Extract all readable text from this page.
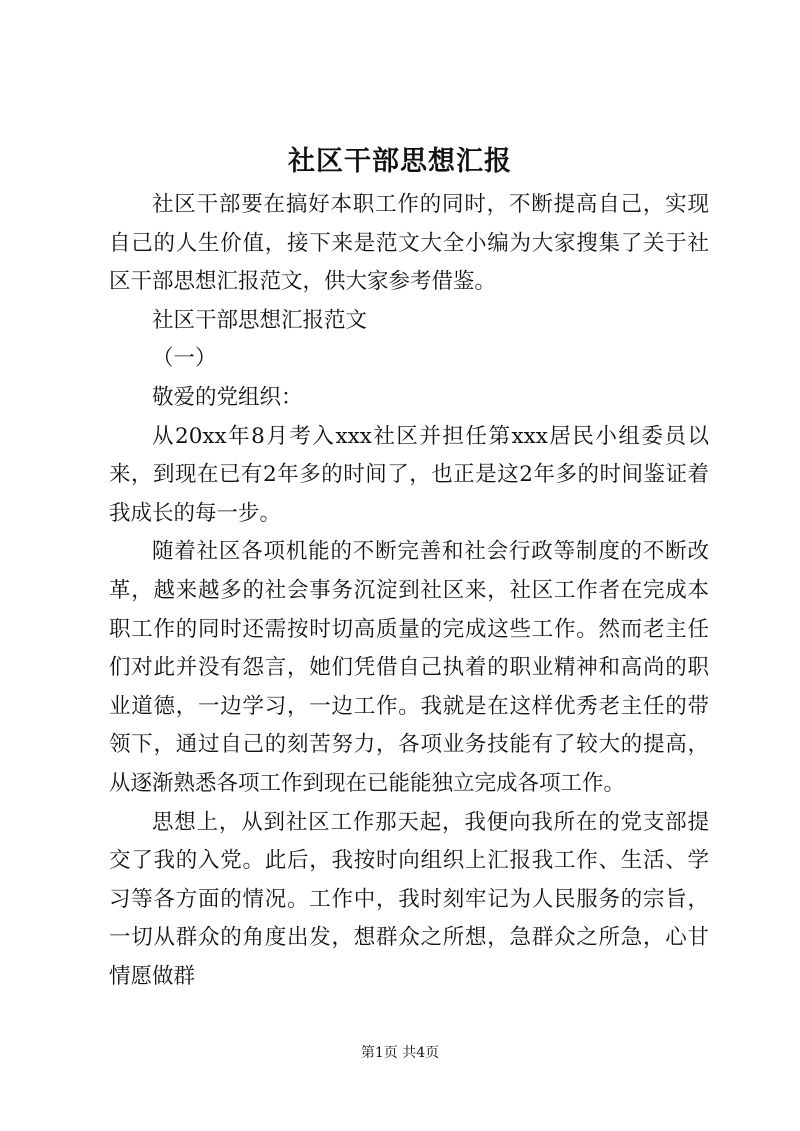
社区干部思想汇报

社区干部要在搞好本职工作的同时，不断提高自己，实现自己的人生价值，接下来是范文大全小编为大家搜集了关于社区干部思想汇报范文，供大家参考借鉴。

社区干部思想汇报范文

（一）

敬爱的党组织：

从20xx年8月考入xxx社区并担任第xxx居民小组委员以来，到现在已有2年多的时间了，也正是这2年多的时间鉴证着我成长的每一步。

随着社区各项机能的不断完善和社会行政等制度的不断改革，越来越多的社会事务沉淀到社区来，社区工作者在完成本职工作的同时还需按时切高质量的完成这些工作。然而老主任们对此并没有怨言，她们凭借自己执着的职业精神和高尚的职业道德，一边学习，一边工作。我就是在这样优秀老主任的带领下，通过自己的刻苦努力，各项业务技能有了较大的提高，从逐渐熟悉各项工作到现在已能能独立完成各项工作。

思想上，从到社区工作那天起，我便向我所在的党支部提交了我的入党。此后，我按时向组织上汇报我工作、生活、学习等各方面的情况。工作中，我时刻牢记为人民服务的宗旨，一切从群众的角度出发，想群众之所想，急群众之所急，心甘情愿做群

第1页 共4页
